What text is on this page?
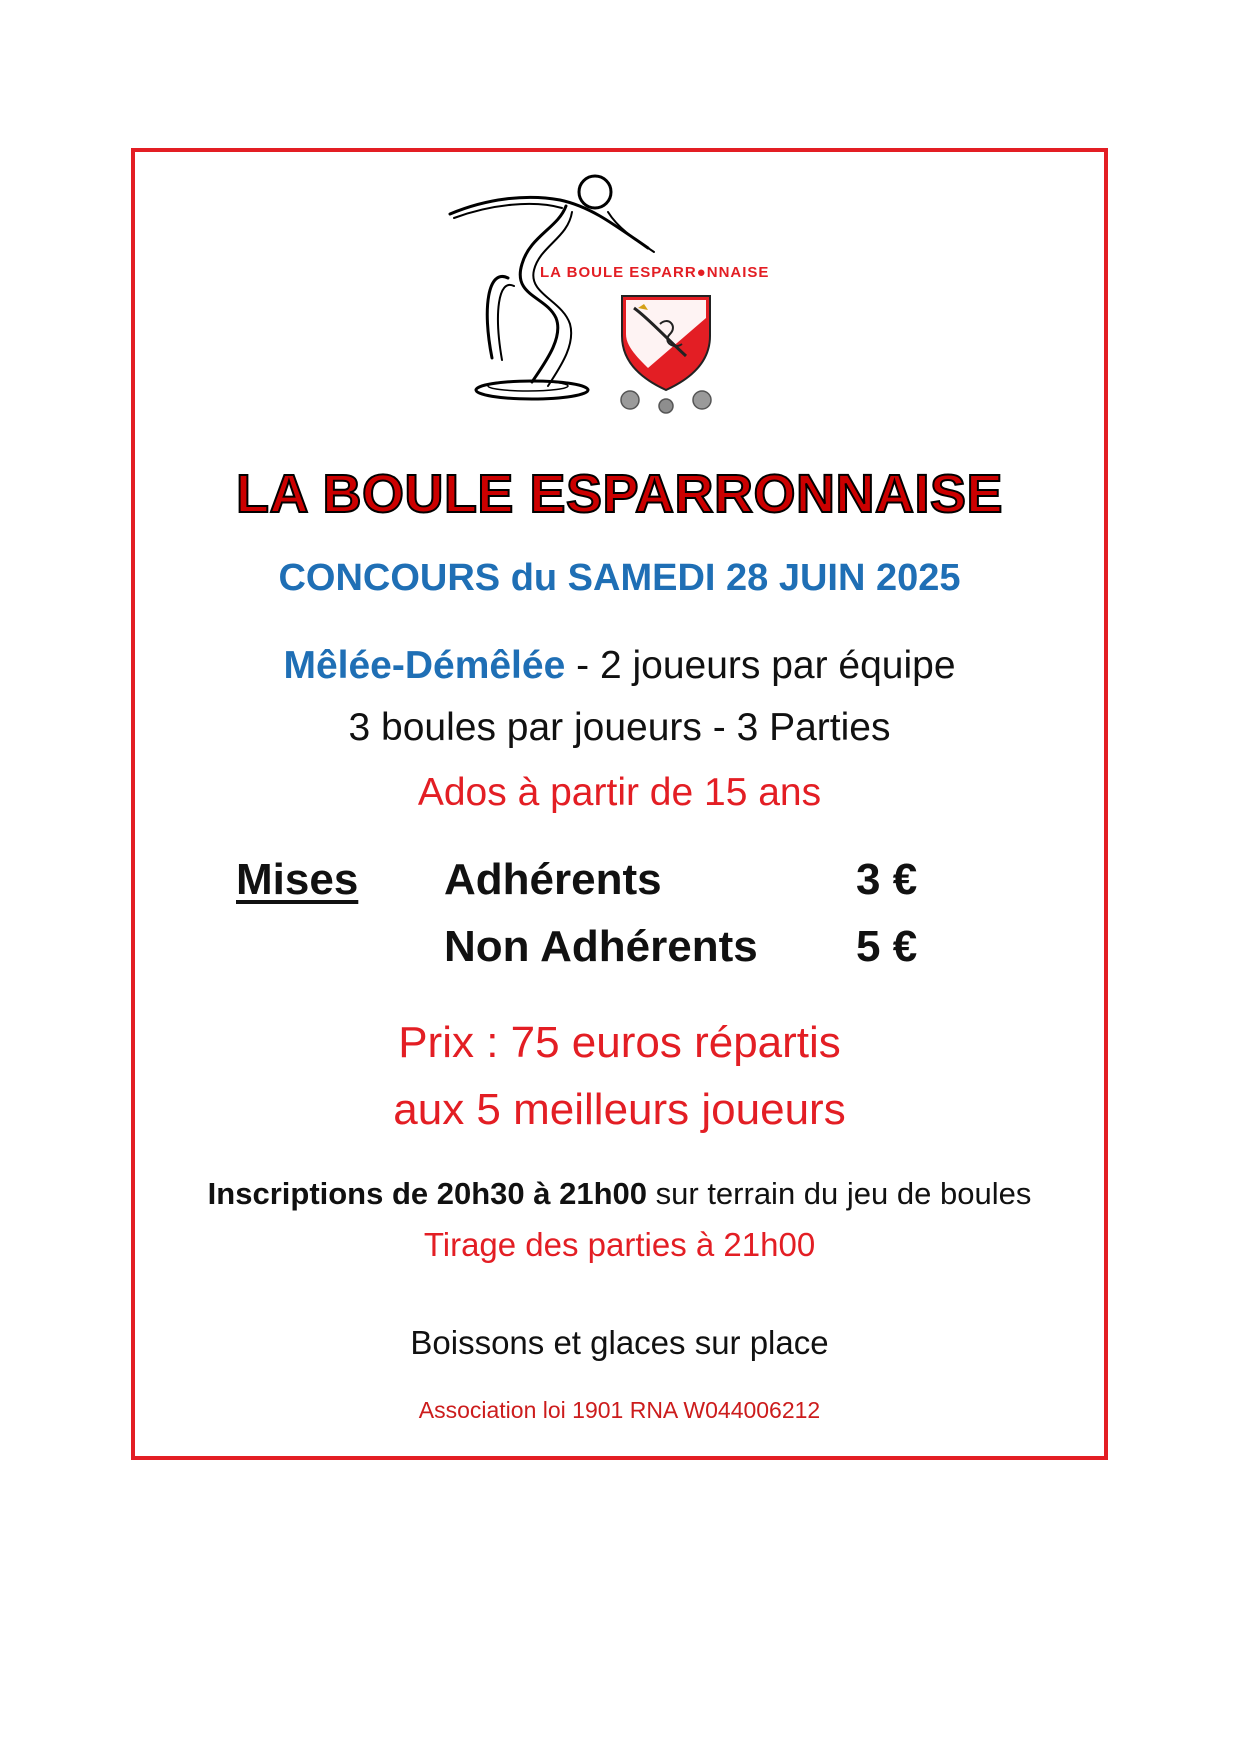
LA BOULE ESPARR●NNAISE
LA BOULE ESPARRONNAISE
CONCOURS du SAMEDI 28 JUIN 2025
Mêlée-Démêlée - 2 joueurs par équipe
3 boules par joueurs - 3 Parties
Ados à partir de 15 ans
Mises Adhérents	3 €
Non Adhérents 5 €
Prix : 75 euros répartis
aux 5 meilleurs joueurs
Inscriptions de 20h30 à 21h00 sur terrain du jeu de boules
Tirage des parties à 21h00
Boissons et glaces sur place
Association loi 1901 RNA W044006212
